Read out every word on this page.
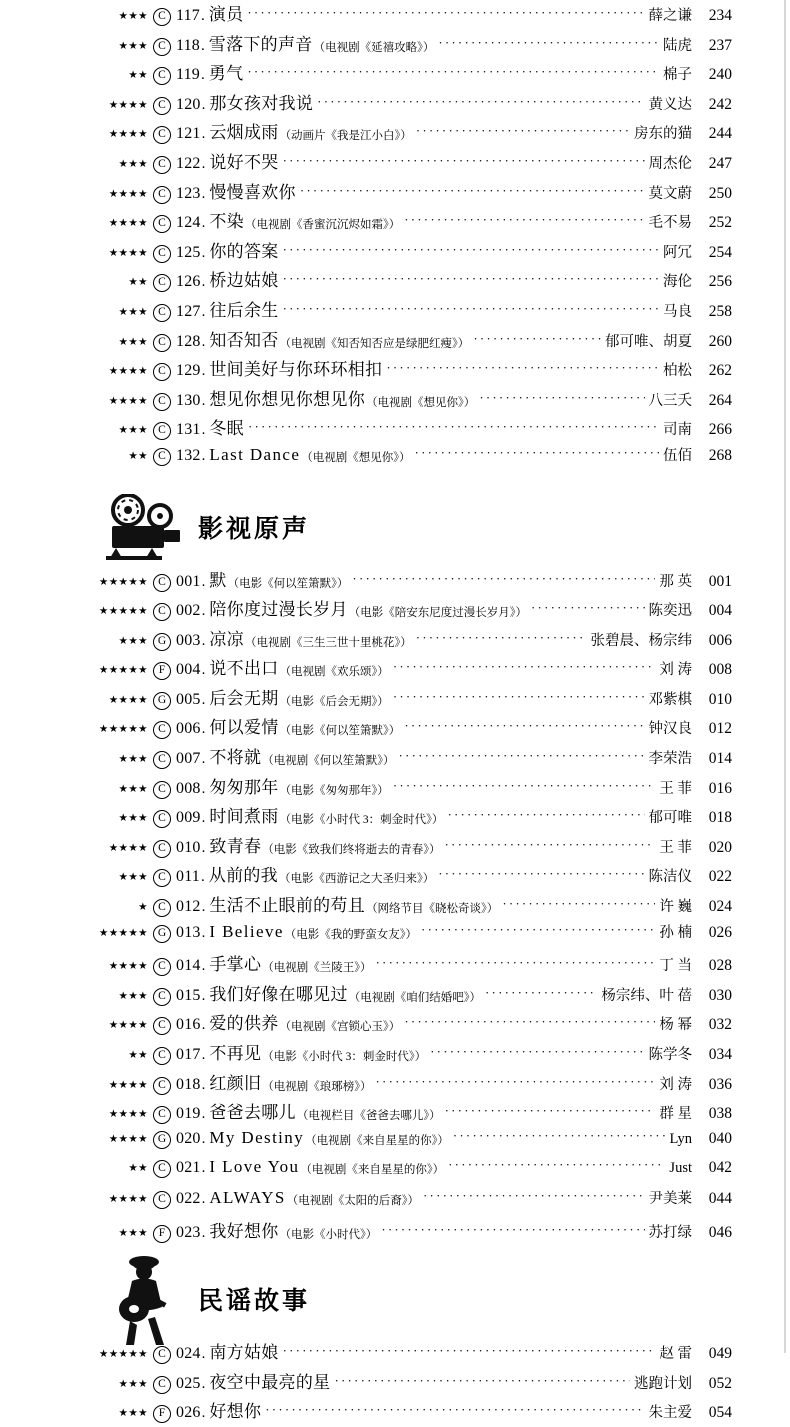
★★★ C 117 . 演员 ·····	薛之谦	234
★★★ C 118 . 雪落下的声音 （电视剧《延禧攻略》） ·····	陆虎	237
★★ C 119 . 勇气 ·····	棉子	240
★★★★ C 120 . 那女孩对我说 ·····	黄义达	242
★★★★ C 121 . 云烟成雨 （动画片《我是江小白》） ·····	房东的猫	244
★★★ C 122 . 说好不哭 ·····	周杰伦	247
★★★★ C 123 . 慢慢喜欢你 ·····	莫文蔚	250
★★★★ C 124 . 不染 （电视剧《香蜜沉沉烬如霜》） ·····	毛不易	252
★★★★ C 125 . 你的答案 ·····	阿冗	254
★★ C 126 . 桥边姑娘 ·····	海伦	256
★★★ C 127 . 往后余生 ·····	马良	258
★★★ C 128 . 知否知否 （电视剧《知否知否应是绿肥红瘦》） ·····	郁可唯、胡夏	260
★★★★ C 129 . 世间美好与你环环相扣 ·····	柏松	262
★★★★ C 130 . 想见你想见你想见你 （电视剧《想见你》） ·····	八三夭	264
★★★ C 131 . 冬眠 ·····	司南	266
★★ C 132 . Last Dance （电视剧《想见你》） ·····	伍佰	268
影视原声
★★★★★ C 001 . 默 （电影《何以笙箫默》） ·····	那 英	001
★★★★★ C 002 . 陪你度过漫长岁月 （电影《陪安东尼度过漫长岁月》） ·····	陈奕迅	004
★★★ G 003 . 凉凉 （电视剧《三生三世十里桃花》） ·····	张碧晨、杨宗纬	006
★★★★★ F 004 . 说不出口 （电视剧《欢乐颂》） ·····	刘 涛	008
★★★★ G 005 . 后会无期 （电影《后会无期》） ·····	邓紫棋	010
★★★★★ C 006 . 何以爱情 （电影《何以笙箫默》） ·····	钟汉良	012
★★★ C 007 . 不将就 （电视剧《何以笙箫默》） ·····	李荣浩	014
★★★ C 008 . 匆匆那年 （电影《匆匆那年》） ·····	王 菲	016
★★★ C 009 . 时间煮雨 （电影《小时代 3：刺金时代》） ·····	郁可唯	018
★★★★ C 010 . 致青春 （电影《致我们终将逝去的青春》） ·····	王 菲	020
★★★ C 011 . 从前的我 （电影《西游记之大圣归来》） ·····	陈洁仪	022
★ C 012 . 生活不止眼前的苟且 （网络节目《晓松奇谈》） ·····	许 巍	024
★★★★★ G 013 . I Believe （电影《我的野蛮女友》） ·····	孙 楠	026
★★★★ C 014 . 手掌心 （电视剧《兰陵王》） ·····	丁 当	028
★★★ C 015 . 我们好像在哪见过 （电视剧《咱们结婚吧》） ·····	杨宗纬、叶 蓓	030
★★★★ C 016 . 爱的供养 （电视剧《宫锁心玉》） ·····	杨 幂	032
★★ C 017 . 不再见 （电影《小时代 3：刺金时代》） ·····	陈学冬	034
★★★★ C 018 . 红颜旧 （电视剧《琅琊榜》） ·····	刘 涛	036
★★★★ C 019 . 爸爸去哪儿 （电视栏目《爸爸去哪儿》） ·····	群 星	038
★★★★ G 020 . My Destiny （电视剧《来自星星的你》） ·····	Lyn	040
★★ C 021 . I Love You （电视剧《来自星星的你》） ·····	Just	042
★★★★ C 022 . ALWAYS （电视剧《太阳的后裔》） ·····	尹美莱	044
★★★ F 023 . 我好想你 （电影《小时代》） ·····	苏打绿	046
民谣故事
★★★★★ C 024 . 南方姑娘 ·····	赵 雷	049
★★★ C 025 . 夜空中最亮的星 ·····	逃跑计划	052
★★★ F 026 . 好想你 ·····	朱主爱	054
